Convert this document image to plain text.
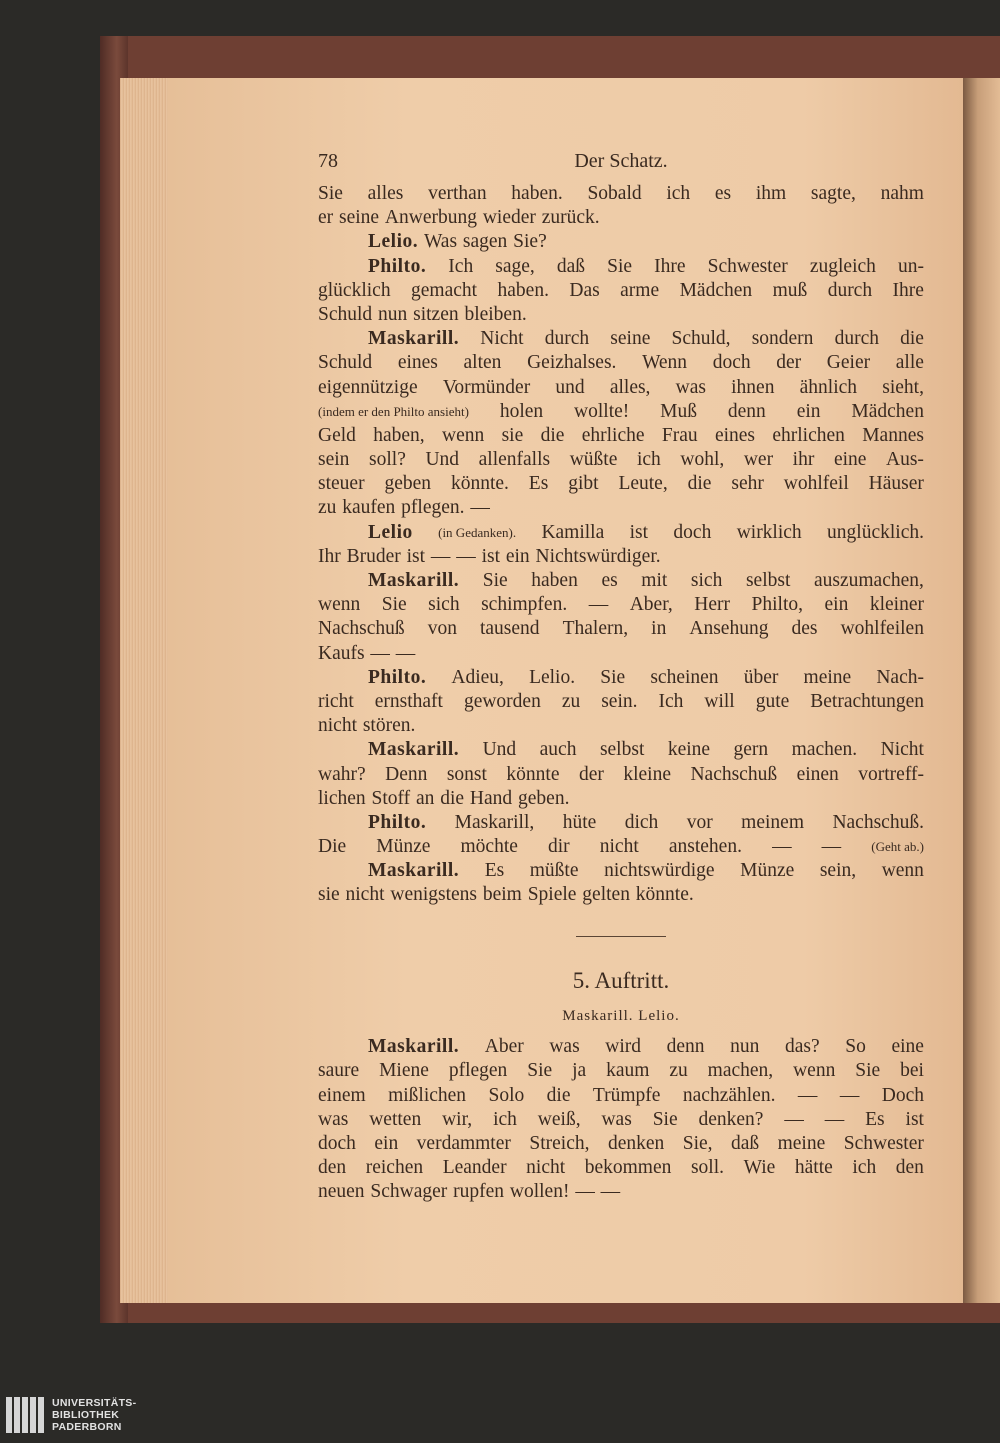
78	Der Schatz.
Sie alles verthan haben. Sobald ich es ihm sagte, nahm
er seine Anwerbung wieder zurück.
Lelio. Was sagen Sie?
Philto. Ich sage, daß Sie Ihre Schwester zugleich un-
glücklich gemacht haben. Das arme Mädchen muß durch Ihre
Schuld nun sitzen bleiben.
Maskarill. Nicht durch seine Schuld, sondern durch die
Schuld eines alten Geizhalses. Wenn doch der Geier alle
eigennützige Vormünder und alles, was ihnen ähnlich sieht,
(indem er den Philto ansieht) holen wollte! Muß denn ein Mädchen
Geld haben, wenn sie die ehrliche Frau eines ehrlichen Mannes
sein soll? Und allenfalls wüßte ich wohl, wer ihr eine Aus-
steuer geben könnte. Es gibt Leute, die sehr wohlfeil Häuser
zu kaufen pflegen. —
Lelio (in Gedanken). Kamilla ist doch wirklich unglücklich.
Ihr Bruder ist — — ist ein Nichtswürdiger.
Maskarill. Sie haben es mit sich selbst auszumachen,
wenn Sie sich schimpfen. — Aber, Herr Philto, ein kleiner
Nachschuß von tausend Thalern, in Ansehung des wohlfeilen
Kaufs — —
Philto. Adieu, Lelio. Sie scheinen über meine Nach-
richt ernsthaft geworden zu sein. Ich will gute Betrachtungen
nicht stören.
Maskarill. Und auch selbst keine gern machen. Nicht
wahr? Denn sonst könnte der kleine Nachschuß einen vortreff-
lichen Stoff an die Hand geben.
Philto. Maskarill, hüte dich vor meinem Nachschuß.
Die Münze möchte dir nicht anstehen. — — (Geht ab.)
Maskarill. Es müßte nichtswürdige Münze sein, wenn
sie nicht wenigstens beim Spiele gelten könnte.
5. Auftritt.
Maskarill. Lelio.
Maskarill. Aber was wird denn nun das? So eine
saure Miene pflegen Sie ja kaum zu machen, wenn Sie bei
einem mißlichen Solo die Trümpfe nachzählen. — — Doch
was wetten wir, ich weiß, was Sie denken? — — Es ist
doch ein verdammter Streich, denken Sie, daß meine Schwester
den reichen Leander nicht bekommen soll. Wie hätte ich den
neuen Schwager rupfen wollen! — —
UNIVERSITÄTS-
BIBLIOTHEK
PADERBORN
